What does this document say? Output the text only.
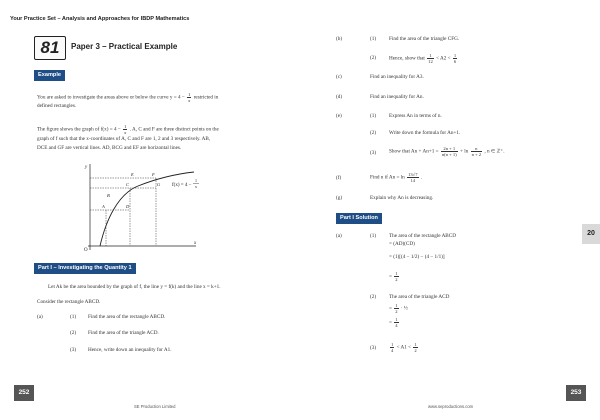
Your Practice Set – Analysis and Approaches for IBDP Mathematics
81	Paper 3 – Practical Example
Example
You are asked to investigate the areas above or below the curve $y = 4 - \frac{1}{x}$ restricted in
defined rectangles.
The figure shows the graph of $f(x) = 4 - \frac{1}{x}$ . A, C and F are three distinct points on the
graph of f such that the x-coordinates of A, C and F are 1, 2 and 3 respectively. AB,
DCE and GF are vertical lines. AD, BCG and EF are horizontal lines.
f(x) = 4 −
1
x
y
x
O
A
B
C
D
E	F
G
Part I – Investigating the Quantity 1
Let Ak be the area bounded by the graph of f, the line y = f(k) and the line x = k+1.
Consider the rectangle ABCD.
(a)	(1) Find the area of the rectangle ABCD.
(2) Find the area of the triangle ACD.
(3) Hence, write down an inequality for A1.
252
SE Production Limited
(b)	(1) Find the area of the triangle CFG.
(2) Hence, show that $\frac{1}{12} < A2 < \frac{1}{6}$
(c)	Find an inequality for A3.
(d)	Find an inequality for An.
(e)	(1) Express An in terms of n.
(2) Write down the formula for An+1.
(3) Show that $An + An+1 = \frac{2n + 1}{n(n + 1)} + \ln \frac{n}{n + 2}$ , n ∈ ℤ⁺.
(f)	Find n if $An = \ln \frac{13√7}{14}$ .
(g)	Explain why An is decreasing.
Part I Solution
(a)	(1) The area of the rectangle ABCD
= (AD)(CD)
= (1)[(4 − 1/2) − (4 − 1/1)]
= $\frac{1}{2}$
(2) The area of the triangle ACD
= $\frac{1}{2}$ · ½
= $\frac{1}{4}$
(3)	$\frac{1}{4} < A1 < \frac{1}{2}$
20
253
www.seproductions.com
